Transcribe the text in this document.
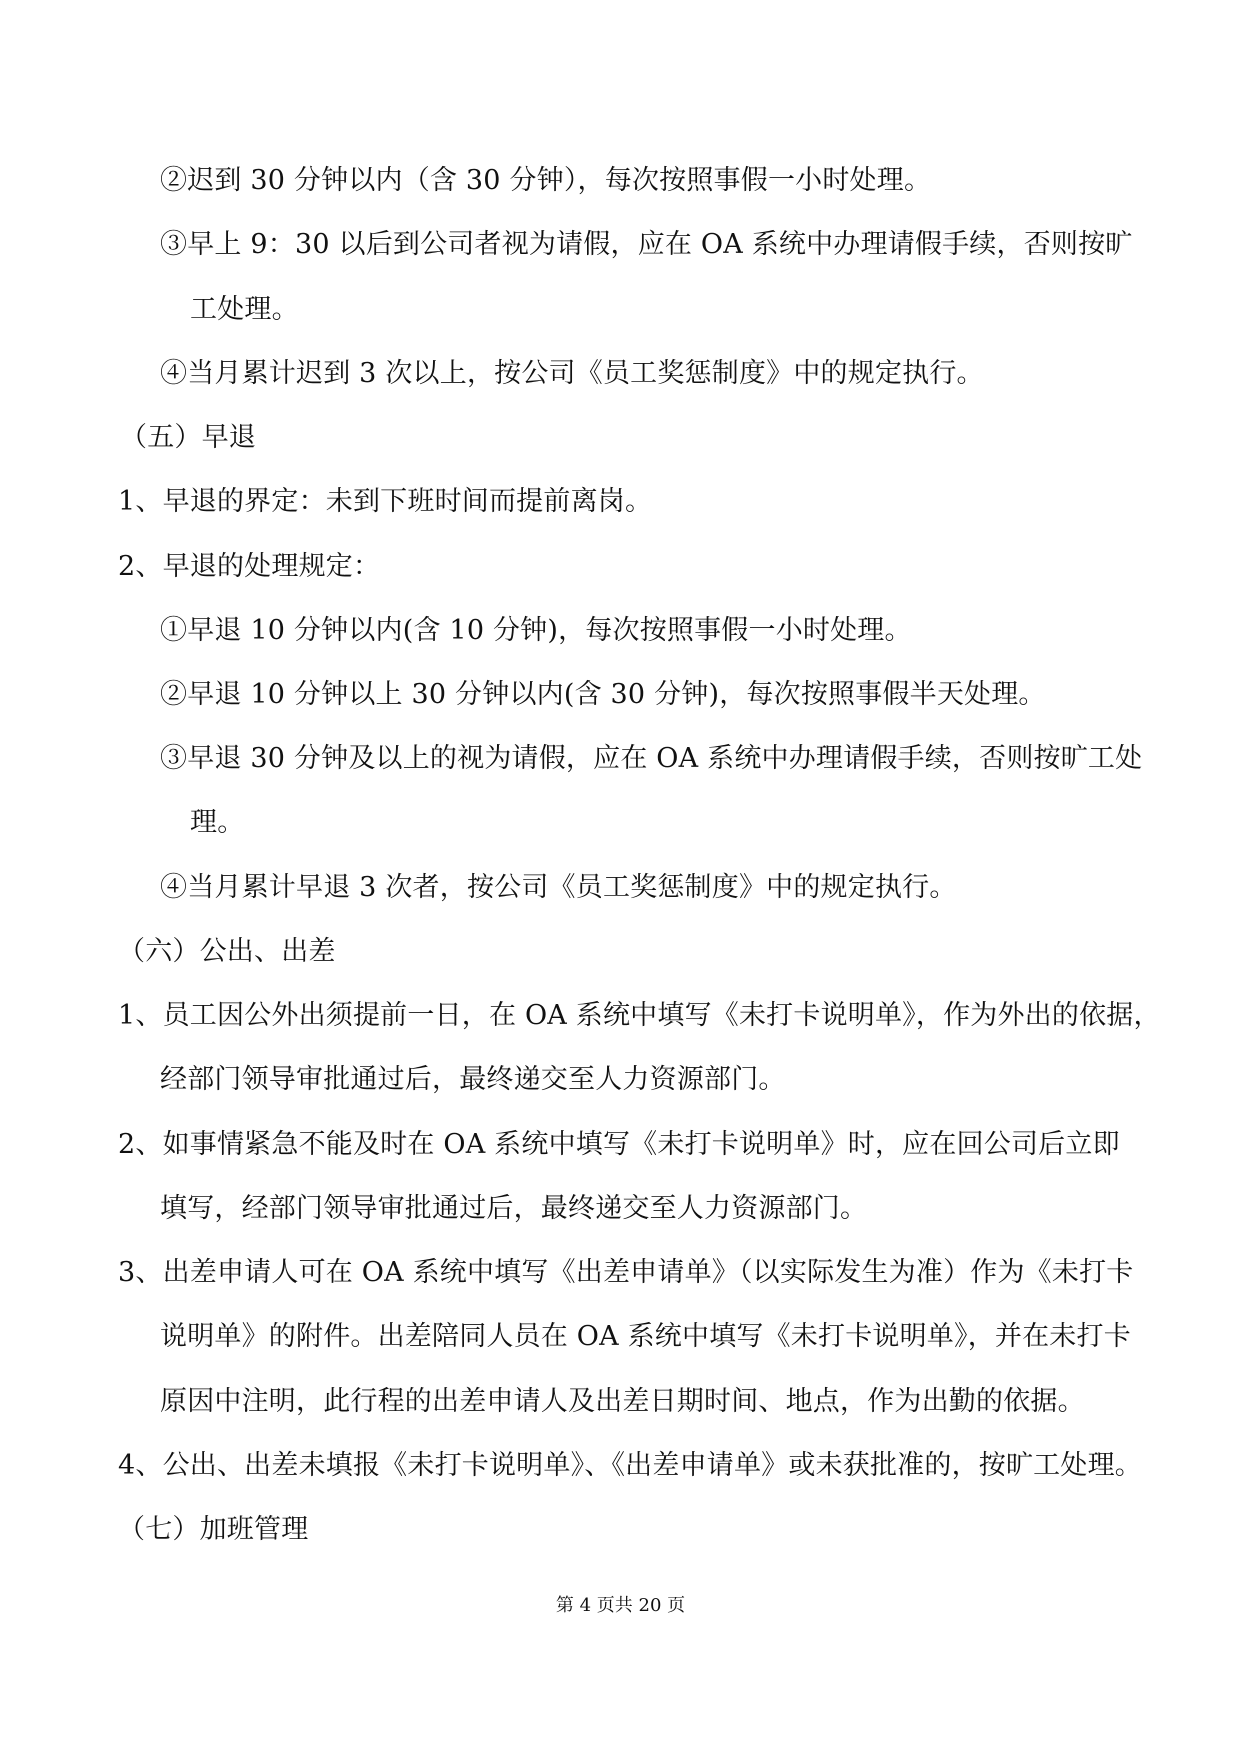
②迟到 30 分钟以内（含 30 分钟），每次按照事假一小时处理。
③早上 9：30 以后到公司者视为请假，应在 OA 系统中办理请假手续，否则按旷
工处理。
④当月累计迟到 3 次以上，按公司《员工奖惩制度》中的规定执行。
（五）早退
1、早退的界定：未到下班时间而提前离岗。
2、早退的处理规定：
①早退 10 分钟以内(含 10 分钟)，每次按照事假一小时处理。
②早退 10 分钟以上 30 分钟以内(含 30 分钟)，每次按照事假半天处理。
③早退 30 分钟及以上的视为请假，应在 OA 系统中办理请假手续，否则按旷工处
理。
④当月累计早退 3 次者，按公司《员工奖惩制度》中的规定执行。
（六）公出、出差
1、员工因公外出须提前一日，在 OA 系统中填写《未打卡说明单》，作为外出的依据，
经部门领导审批通过后，最终递交至人力资源部门。
2、如事情紧急不能及时在 OA 系统中填写《未打卡说明单》时，应在回公司后立即
填写，经部门领导审批通过后，最终递交至人力资源部门。
3、出差申请人可在 OA 系统中填写《出差申请单》（以实际发生为准）作为《未打卡
说明单》的附件。出差陪同人员在 OA 系统中填写《未打卡说明单》，并在未打卡
原因中注明，此行程的出差申请人及出差日期时间、地点，作为出勤的依据。
4、公出、出差未填报《未打卡说明单》、《出差申请单》或未获批准的，按旷工处理。
（七）加班管理
第 4 页共 20 页
